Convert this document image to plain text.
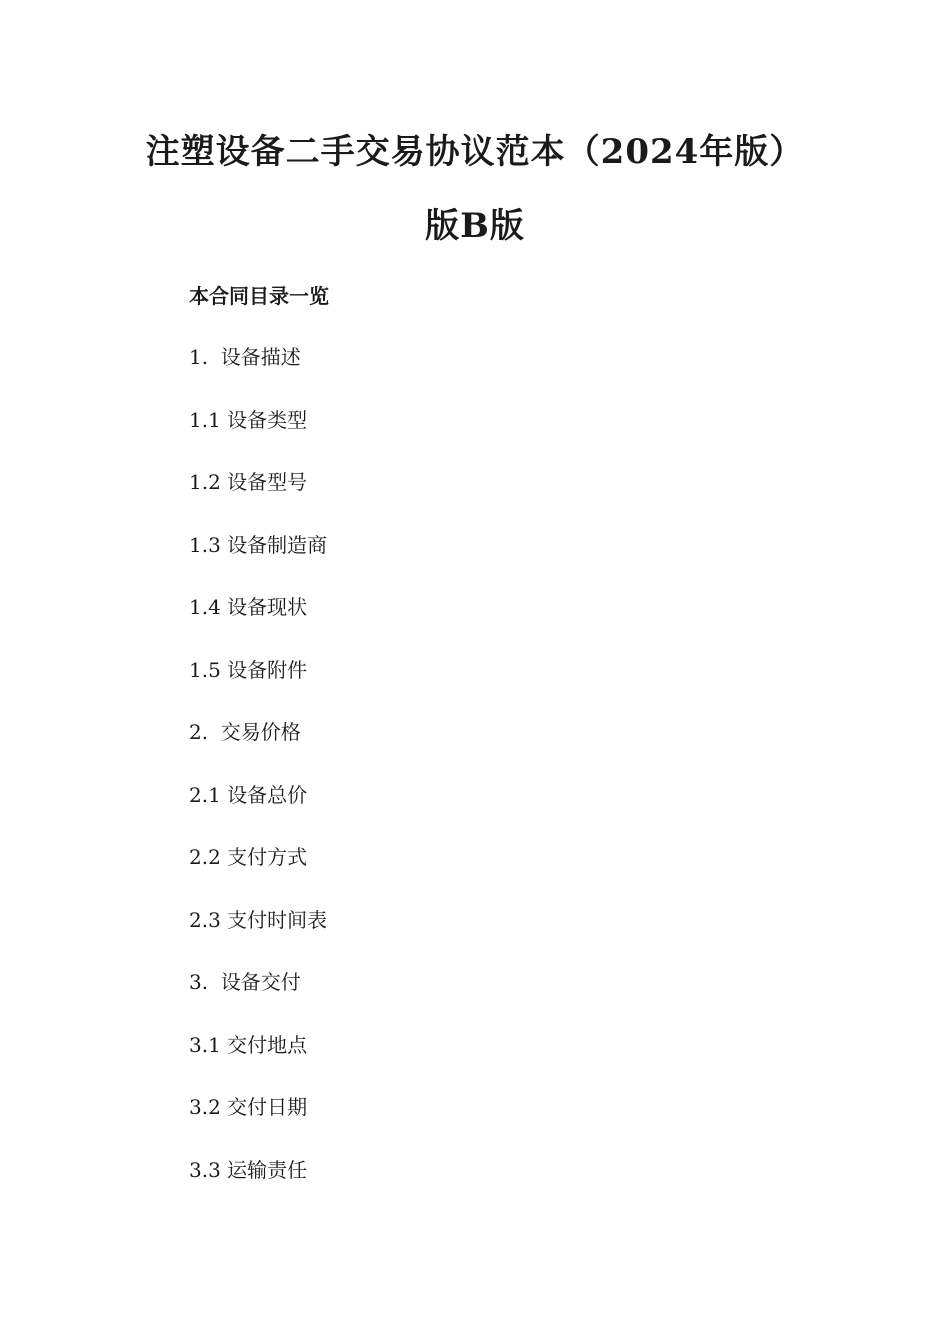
注塑设备二手交易协议范本（2024年版）
版B版
本合同目录一览
1.  设备描述
1.1 设备类型
1.2 设备型号
1.3 设备制造商
1.4 设备现状
1.5 设备附件
2.  交易价格
2.1 设备总价
2.2 支付方式
2.3 支付时间表
3.  设备交付
3.1 交付地点
3.2 交付日期
3.3 运输责任
